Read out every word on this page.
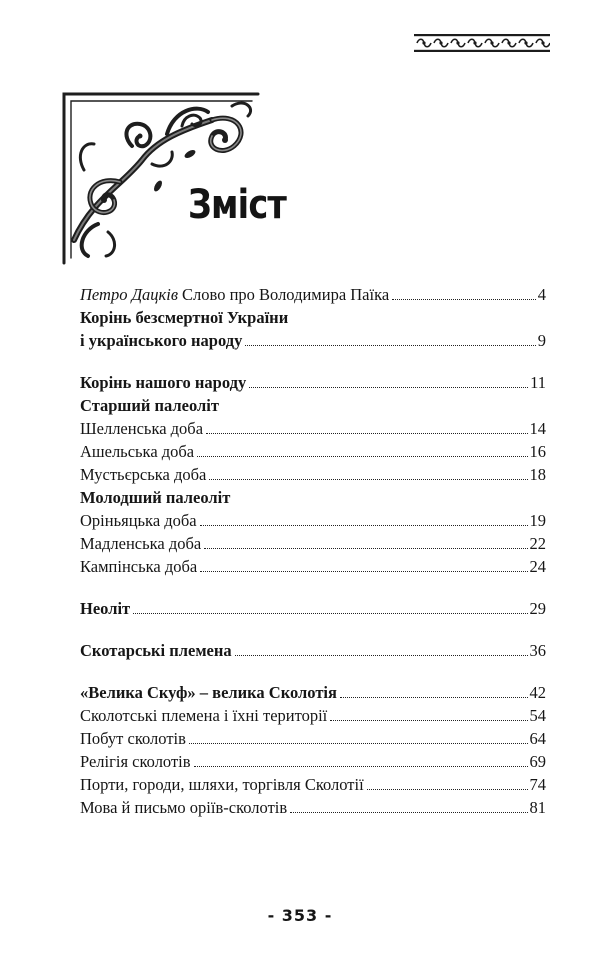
Зміст
Петро Дацків Слово про Володимира Паїка	4
Корінь безсмертної України
і українського народу	9
Корінь нашого народу	11
Старший палеоліт
Шелленська доба	14
Ашельська доба	16
Мустьєрська доба	18
Молодший палеоліт
Оріньяцька доба	19
Мадленська доба	22
Кампінська доба	24
Неоліт	29
Скотарські племена	36
«Велика Скуф» – велика Сколотія	42
Сколотські племена і їхні території	54
Побут сколотів	64
Релігія сколотів	69
Порти, городи, шляхи, торгівля Сколотії	74
Мова й письмо оріїв-сколотів	81
- 353 -
